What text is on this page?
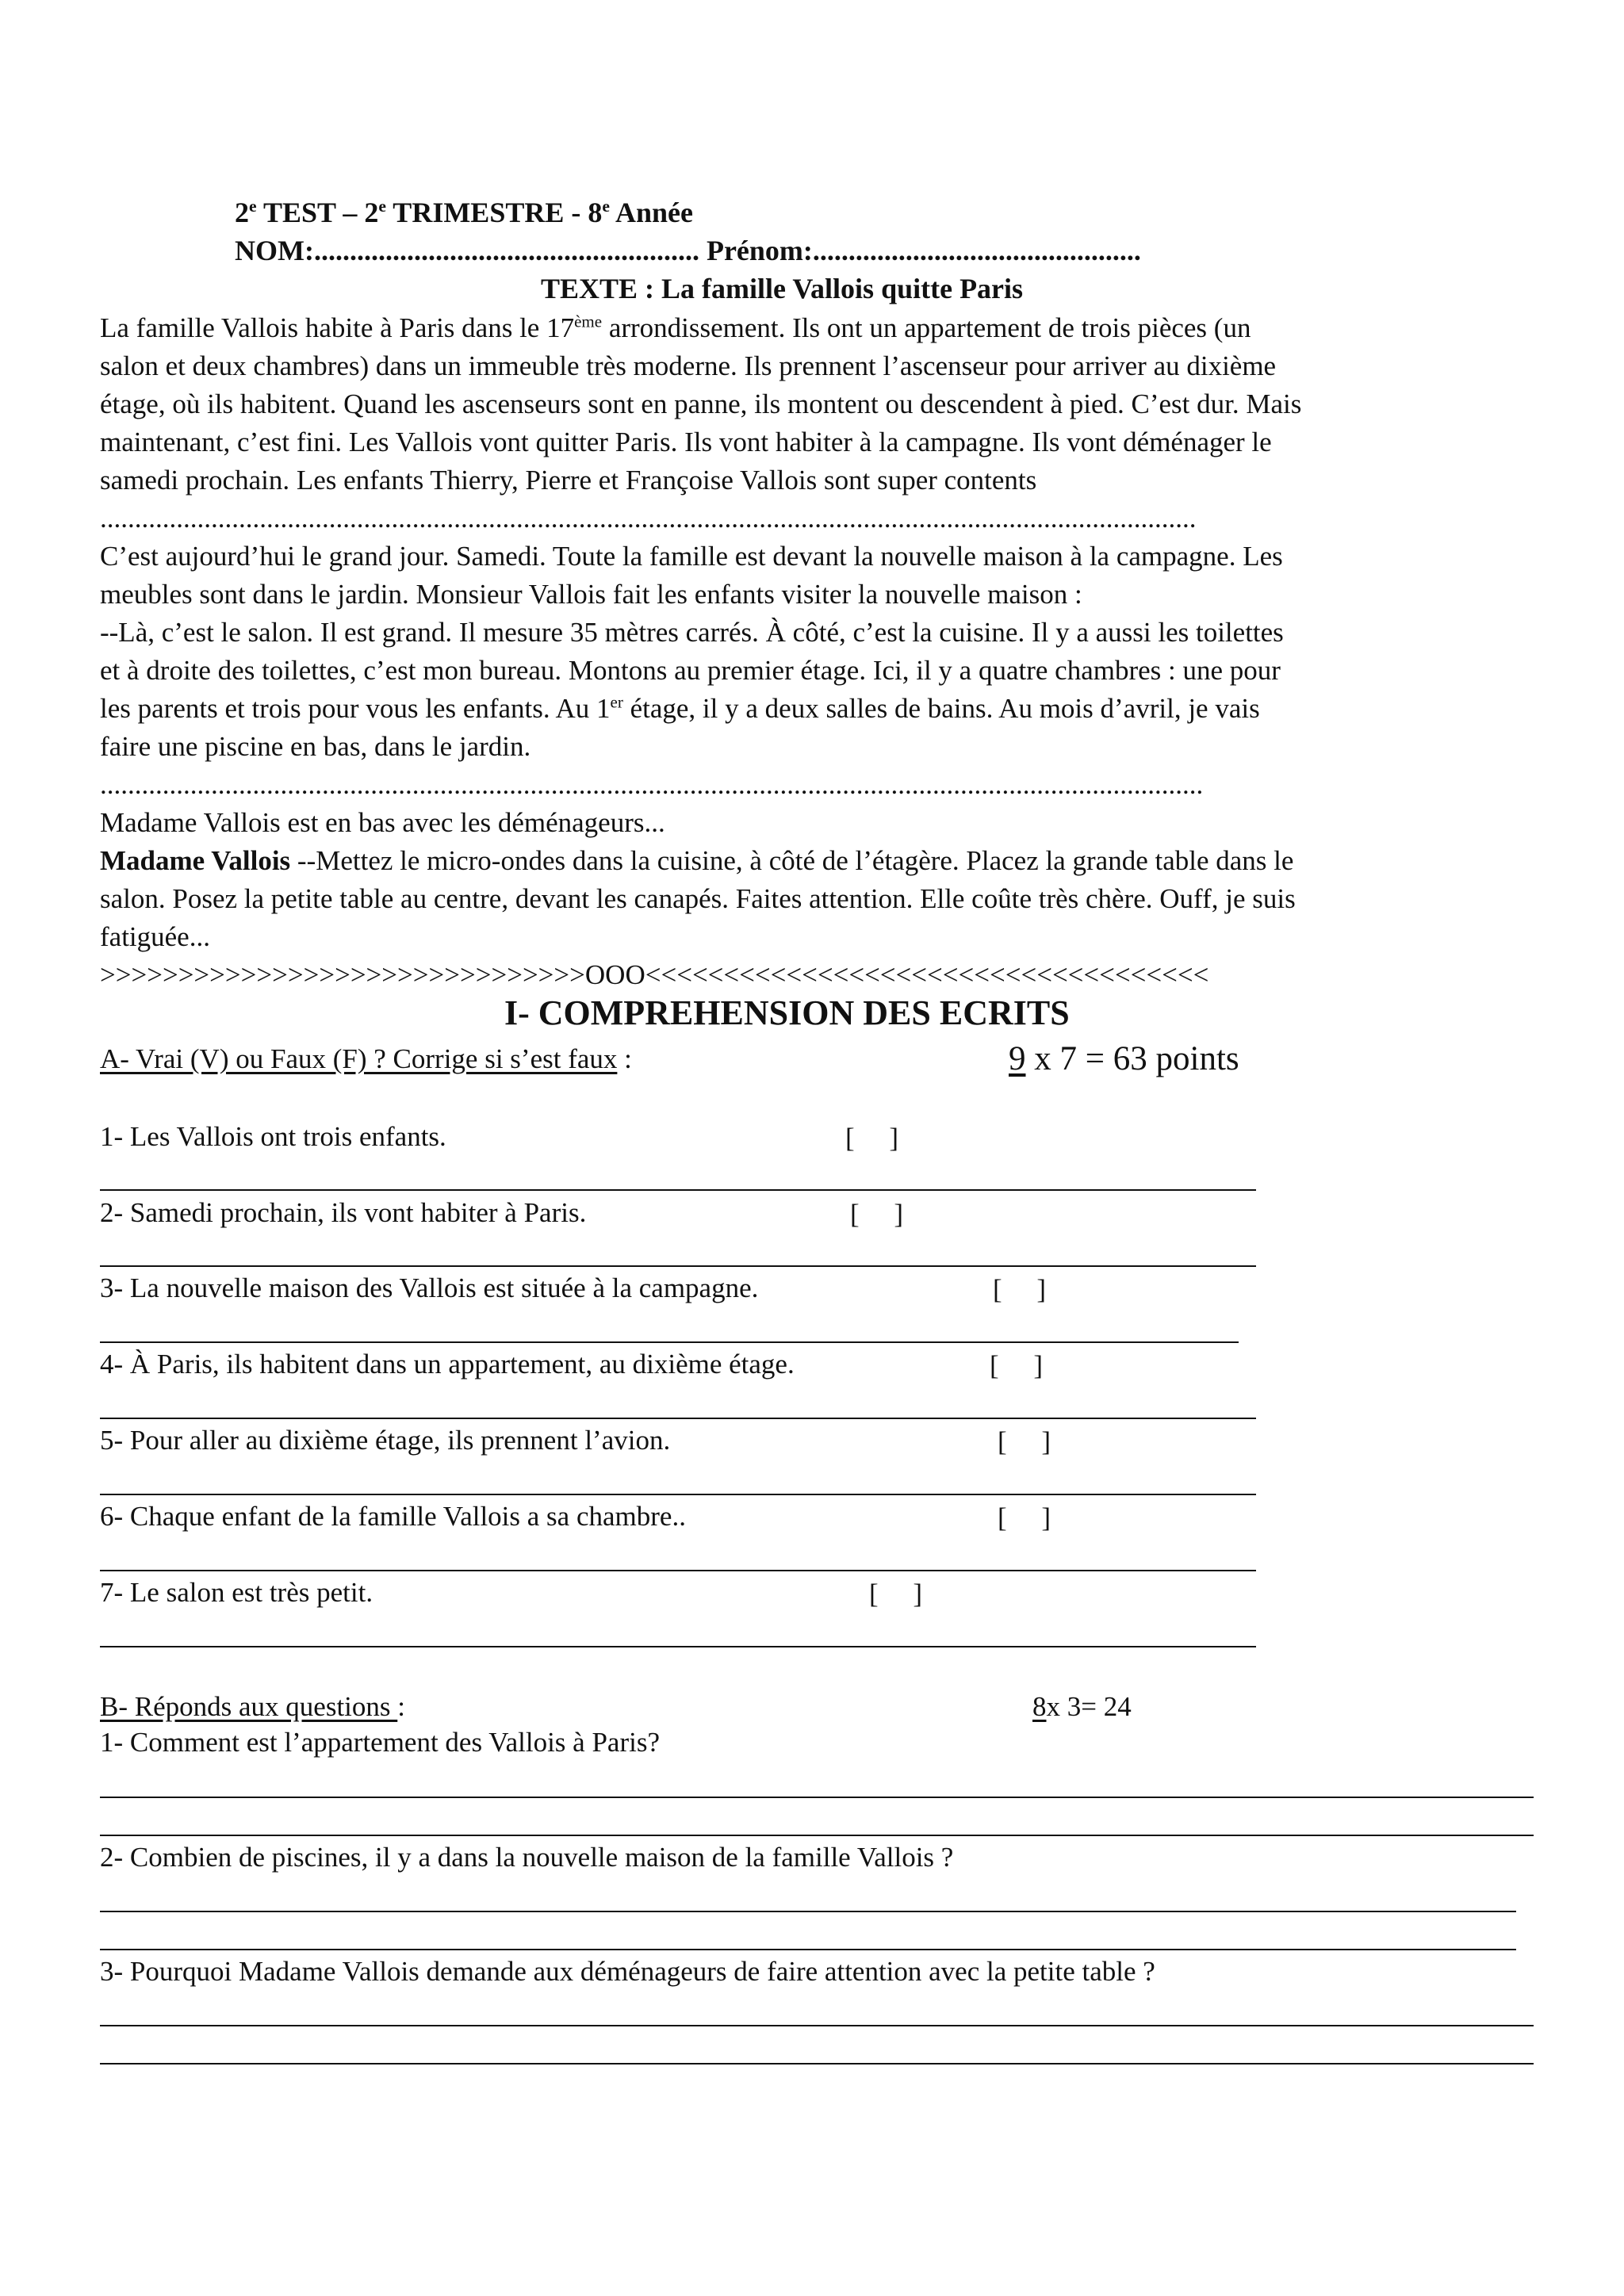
2e TEST – 2e TRIMESTRE - 8e Année
NOM:...................................................... Prénom:..............................................
TEXTE : La famille Vallois quitte Paris
La famille Vallois habite à Paris dans le 17ème arrondissement. Ils ont un appartement de trois pièces (un
salon et deux chambres) dans un immeuble très moderne. Ils prennent l’ascenseur pour arriver au dixième
étage, où ils habitent. Quand les ascenseurs sont en panne, ils montent ou descendent à pied. C’est dur. Mais
maintenant, c’est fini. Les Vallois vont quitter Paris. Ils vont habiter à la campagne. Ils vont déménager le
samedi prochain. Les enfants Thierry, Pierre et Françoise Vallois sont super contents
..............................................................................................................................................................
C’est aujourd’hui le grand jour. Samedi. Toute la famille est devant la nouvelle maison à la campagne. Les
meubles sont dans le jardin. Monsieur Vallois fait les enfants visiter la nouvelle maison :
--Là, c’est le salon. Il est grand. Il mesure 35 mètres carrés. À côté, c’est la cuisine. Il y a aussi les toilettes
et à droite des toilettes, c’est mon bureau. Montons au premier étage. Ici, il y a quatre chambres : une pour
les parents et trois pour vous les enfants. Au 1er étage, il y a deux salles de bains. Au mois d’avril, je vais
faire une piscine en bas, dans le jardin.
...............................................................................................................................................................
Madame Vallois est en bas avec les déménageurs...
Madame Vallois --Mettez le micro-ondes dans la cuisine, à côté de l’étagère. Placez la grande table dans le
salon. Posez la petite table au centre, devant les canapés. Faites attention. Elle coûte très chère. Ouff, je suis
fatiguée...
>>>>>>>>>>>>>>>>>>>>>>>>>>>>>>>OOO<<<<<<<<<<<<<<<<<<<<<<<<<<<<<<<<<<<<
I- COMPREHENSION DES ECRITS
A- Vrai (V) ou Faux (F) ? Corrige si s’est faux :	9 x 7 = 63 points
1- Les Vallois ont trois enfants.	[     ]
2- Samedi prochain, ils vont habiter à Paris.	[     ]
3- La nouvelle maison des Vallois est située à la campagne.	[     ]
4- À Paris, ils habitent dans un appartement, au dixième étage.	[     ]
5- Pour aller au dixième étage, ils prennent l’avion.	[     ]
6- Chaque enfant de la famille Vallois a sa chambre..	[     ]
7- Le salon est très petit.	[     ]
B- Réponds aux questions :	8x 3= 24
1- Comment est l’appartement des Vallois à Paris?
2- Combien de piscines, il y a dans la nouvelle maison de la famille Vallois ?
3- Pourquoi Madame Vallois demande aux déménageurs de faire attention avec la petite table ?
